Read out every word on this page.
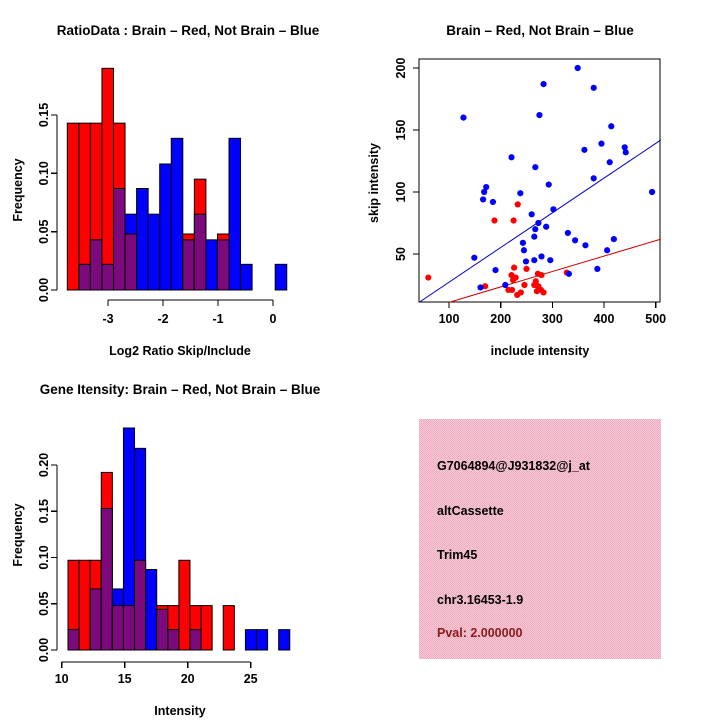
RatioData : Brain – Red, Not Brain – Blue
Log2 Ratio Skip/Include
Frequency
-3	-2	-1	0
0.00
0.05
0.10
0.15
Brain – Red, Not Brain – Blue
include intensity
skip intensity
100 200 300 400 500
50
100
150
200
Gene Itensity: Brain – Red, Not Brain – Blue
Intensity
Frequency
10	15	20	25
0.00
0.05
0.10
0.15
0.20	G7064894@J931832@j_at
altCassette
Trim45
chr3.16453-1.9
Pval: 2.000000
